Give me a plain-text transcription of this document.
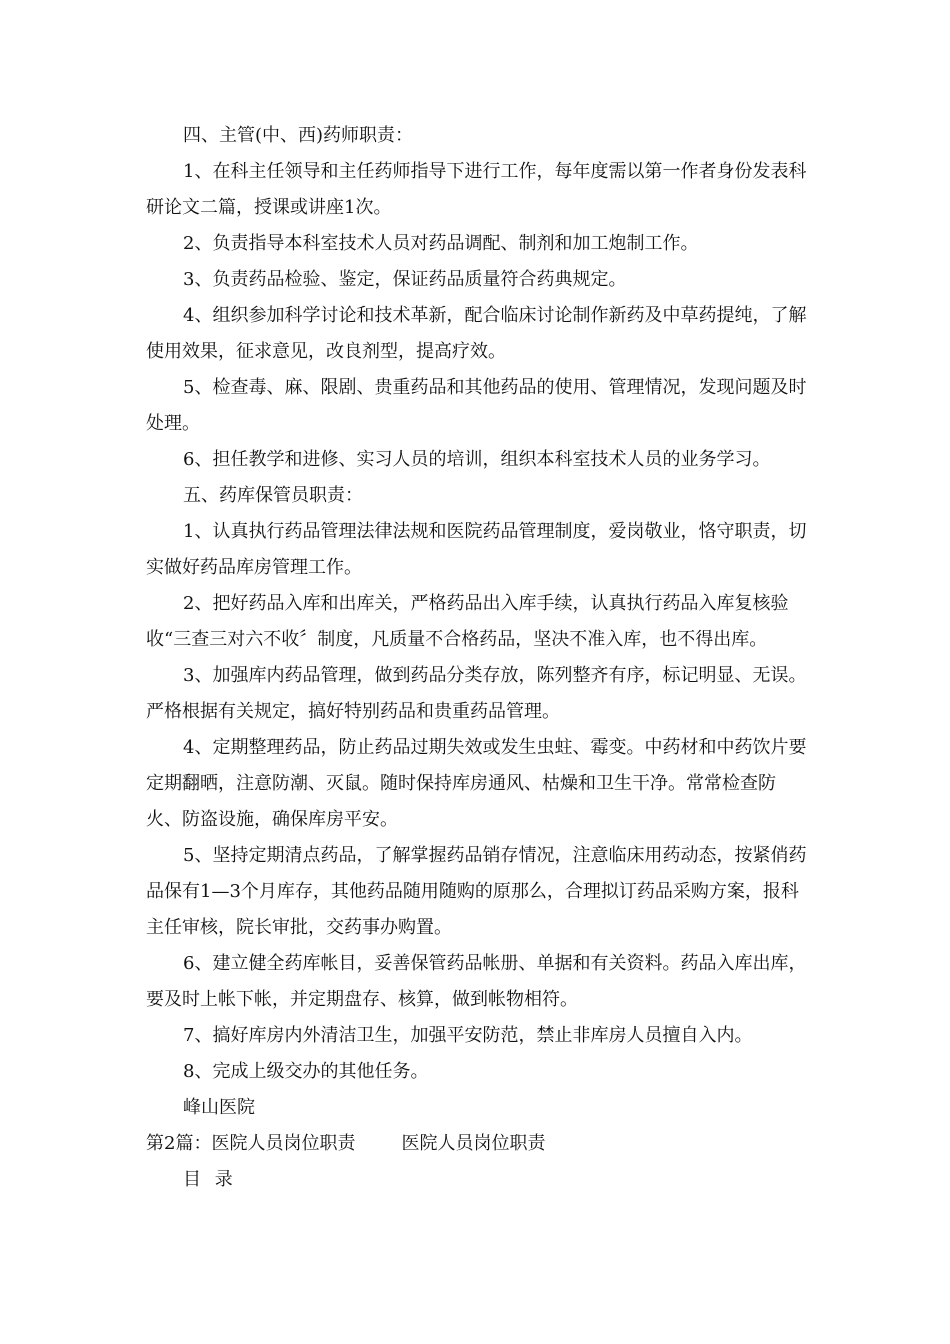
四、主管(中、西)药师职责：

1、在科主任领导和主任药师指导下进行工作，每年度需以第一作者身份发表科研论文二篇，授课或讲座1次。

2、负责指导本科室技术人员对药品调配、制剂和加工炮制工作。

3、负责药品检验、鉴定，保证药品质量符合药典规定。

4、组织参加科学讨论和技术革新，配合临床讨论制作新药及中草药提纯，了解使用效果，征求意见，改良剂型，提高疗效。

5、检查毒、麻、限剧、贵重药品和其他药品的使用、管理情况，发现问题及时处理。

6、担任教学和进修、实习人员的培训，组织本科室技术人员的业务学习。

五、药库保管员职责：

1、认真执行药品管理法律法规和医院药品管理制度，爱岗敬业，恪守职责，切实做好药品库房管理工作。

2、把好药品入库和出库关，严格药品出入库手续，认真执行药品入库复核验收“三查三对六不收〞制度，凡质量不合格药品，坚决不准入库，也不得出库。

3、加强库内药品管理，做到药品分类存放，陈列整齐有序，标记明显、无误。严格根据有关规定，搞好特别药品和贵重药品管理。

4、定期整理药品，防止药品过期失效或发生虫蛀、霉变。中药材和中药饮片要定期翻晒，注意防潮、灭鼠。随时保持库房通风、枯燥和卫生干净。常常检查防火、防盗设施，确保库房平安。

5、坚持定期清点药品，了解掌握药品销存情况，注意临床用药动态，按紧俏药品保有1—3个月库存，其他药品随用随购的原那么，合理拟订药品采购方案，报科主任审核，院长审批，交药事办购置。

6、建立健全药库帐目，妥善保管药品帐册、单据和有关资料。药品入库出库，要及时上帐下帐，并定期盘存、核算，做到帐物相符。

7、搞好库房内外清洁卫生，加强平安防范，禁止非库房人员擅自入内。

8、完成上级交办的其他任务。

峰山医院

第2篇：医院人员岗位职责	医院人员岗位职责

目 录
